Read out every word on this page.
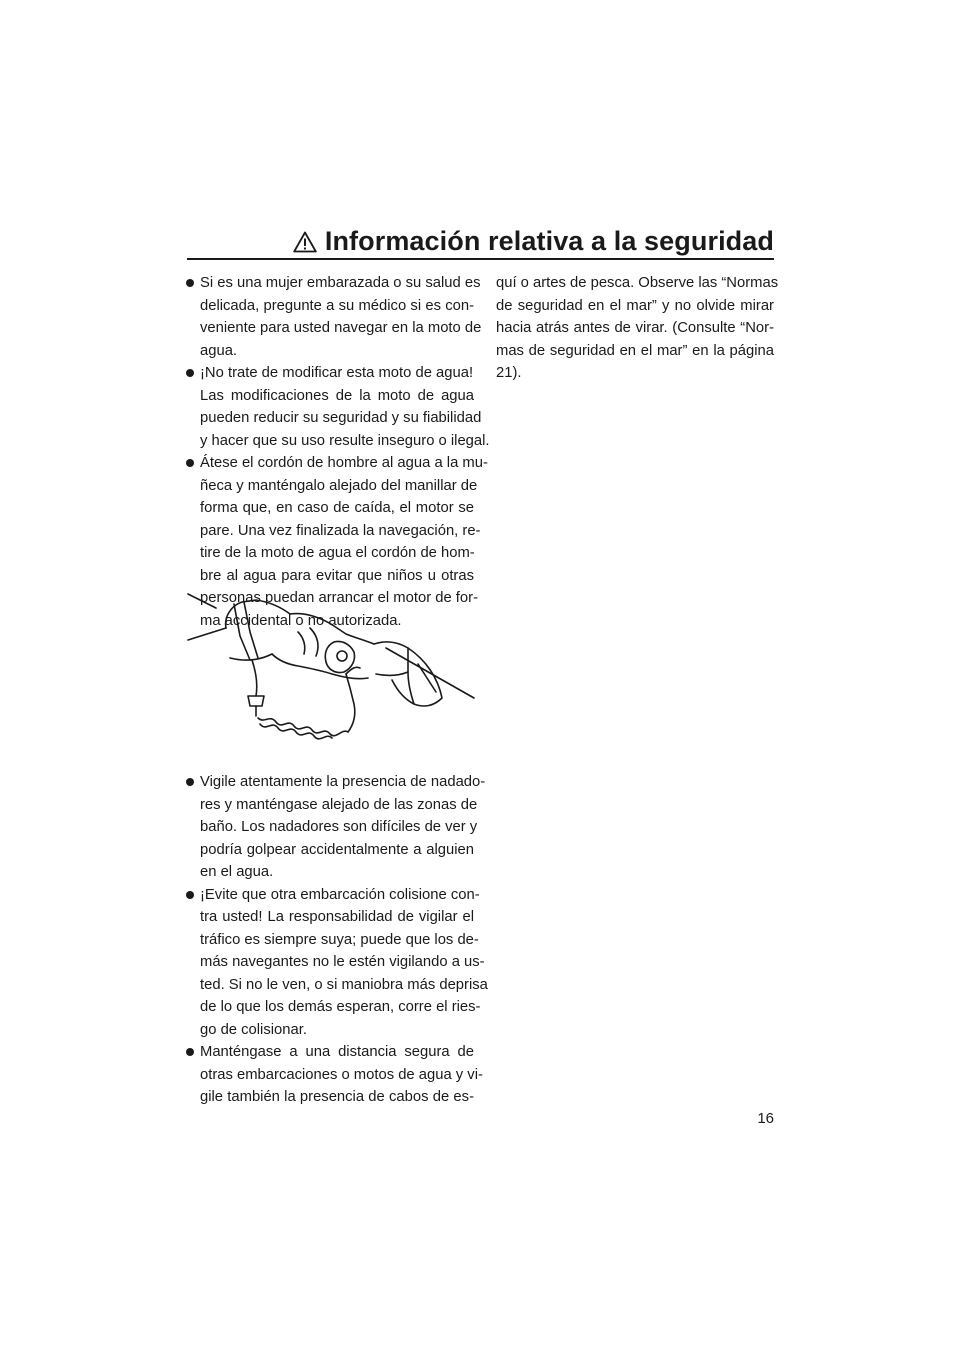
Información relativa a la seguridad
Si es una mujer embarazada o su salud es
delicada, pregunte a su médico si es con-
veniente para usted navegar en la moto de
agua.
¡No trate de modificar esta moto de agua!
Las modificaciones de la moto de agua
pueden reducir su seguridad y su fiabilidad
y hacer que su uso resulte inseguro o ilegal.
Átese el cordón de hombre al agua a la mu-
ñeca y manténgalo alejado del manillar de
forma que, en caso de caída, el motor se
pare. Una vez finalizada la navegación, re-
tire de la moto de agua el cordón de hom-
bre al agua para evitar que niños u otras
personas puedan arrancar el motor de for-
ma accidental o no autorizada.
Vigile atentamente la presencia de nadado-
res y manténgase alejado de las zonas de
baño. Los nadadores son difíciles de ver y
podría golpear accidentalmente a alguien
en el agua.
¡Evite que otra embarcación colisione con-
tra usted! La responsabilidad de vigilar el
tráfico es siempre suya; puede que los de-
más navegantes no le estén vigilando a us-
ted. Si no le ven, o si maniobra más deprisa
de lo que los demás esperan, corre el ries-
go de colisionar.
Manténgase a una distancia segura de
otras embarcaciones o motos de agua y vi-
gile también la presencia de cabos de es-
quí o artes de pesca. Observe las “Normas
de seguridad en el mar” y no olvide mirar
hacia atrás antes de virar. (Consulte “Nor-
mas de seguridad en el mar” en la página
21).
16
